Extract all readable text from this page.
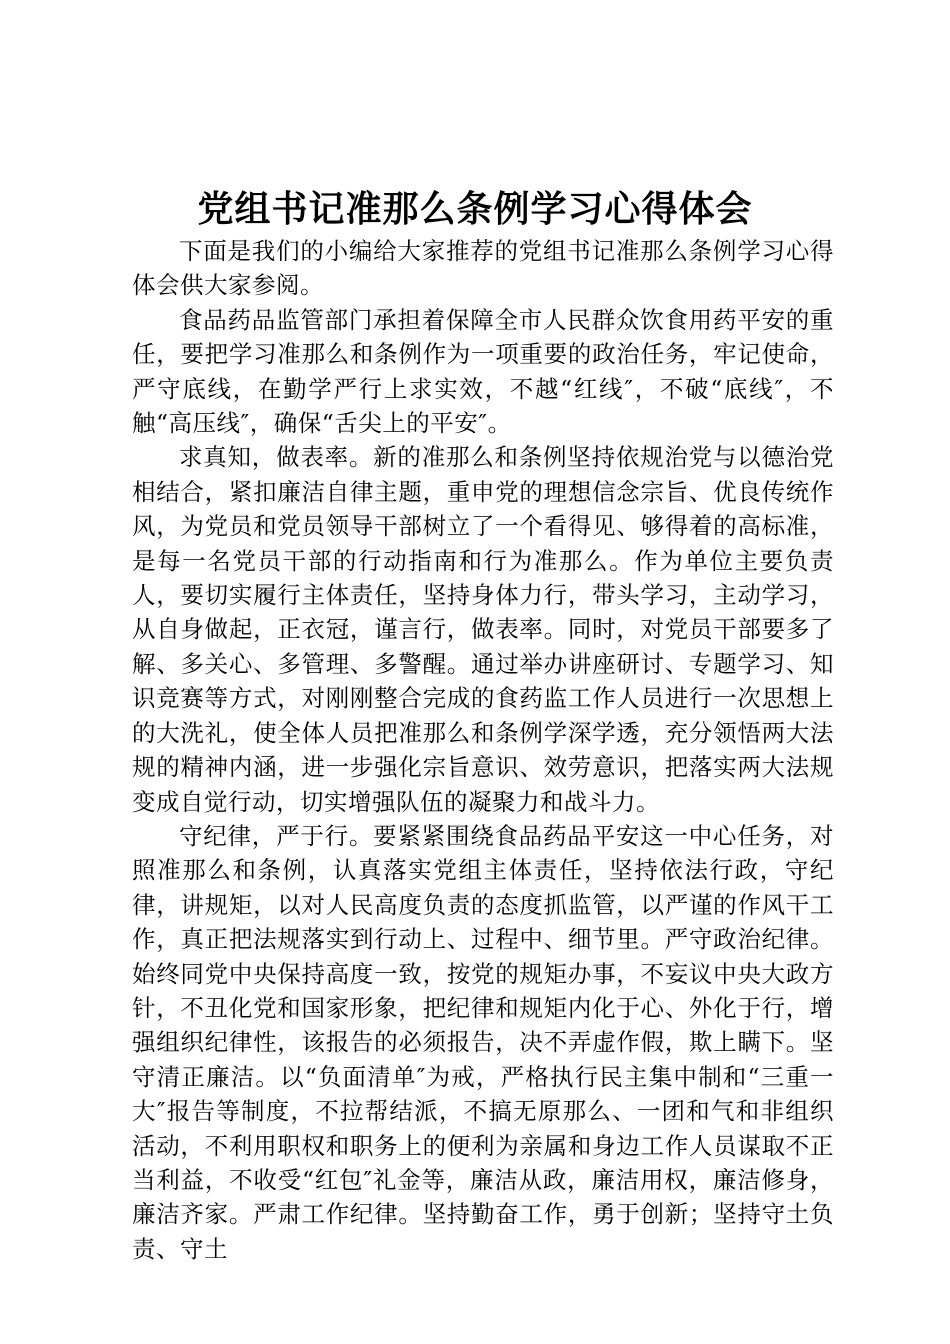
党组书记准那么条例学习心得体会

下面是我们的小编给大家推荐的党组书记准那么条例学习心得体会供大家参阅。

食品药品监管部门承担着保障全市人民群众饮食用药平安的重任，要把学习准那么和条例作为一项重要的政治任务，牢记使命，严守底线，在勤学严行上求实效，不越“红线″，不破“底线″，不触“高压线″，确保“舌尖上的平安″。

求真知，做表率。新的准那么和条例坚持依规治党与以德治党相结合，紧扣廉洁自律主题，重申党的理想信念宗旨、优良传统作风，为党员和党员领导干部树立了一个看得见、够得着的高标准，是每一名党员干部的行动指南和行为准那么。作为单位主要负责人，要切实履行主体责任，坚持身体力行，带头学习，主动学习，从自身做起，正衣冠，谨言行，做表率。同时，对党员干部要多了解、多关心、多管理、多警醒。通过举办讲座研讨、专题学习、知识竞赛等方式，对刚刚整合完成的食药监工作人员进行一次思想上的大洗礼，使全体人员把准那么和条例学深学透，充分领悟两大法规的精神内涵，进一步强化宗旨意识、效劳意识，把落实两大法规变成自觉行动，切实增强队伍的凝聚力和战斗力。

守纪律，严于行。要紧紧围绕食品药品平安这一中心任务，对照准那么和条例，认真落实党组主体责任，坚持依法行政，守纪律，讲规矩，以对人民高度负责的态度抓监管，以严谨的作风干工作，真正把法规落实到行动上、过程中、细节里。严守政治纪律。始终同党中央保持高度一致，按党的规矩办事，不妄议中央大政方针，不丑化党和国家形象，把纪律和规矩内化于心、外化于行，增强组织纪律性，该报告的必须报告，决不弄虚作假，欺上瞒下。坚守清正廉洁。以“负面清单″为戒，严格执行民主集中制和“三重一大″报告等制度，不拉帮结派，不搞无原那么、一团和气和非组织活动，不利用职权和职务上的便利为亲属和身边工作人员谋取不正当利益，不收受“红包″礼金等，廉洁从政，廉洁用权，廉洁修身，廉洁齐家。严肃工作纪律。坚持勤奋工作，勇于创新；坚持守土负责、守土
